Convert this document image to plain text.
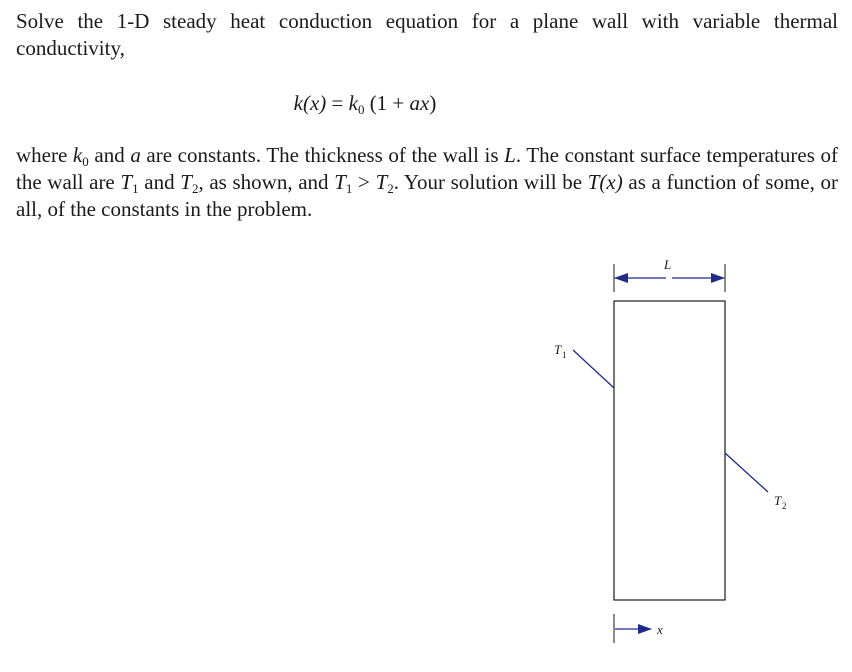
Solve the 1-D steady heat conduction equation for a plane wall with variable thermal conductivity,

$k(x) = k_0$ (1 + ax)

where $k_0$ and a are constants. The thickness of the wall is L. The constant surface temperatures of the wall are $T_1$ and $T_2$, as shown, and $T_1 > T_2$. Your solution will be T(x) as a function of some, or all, of the constants in the problem.

L
T 1
T 2
x
